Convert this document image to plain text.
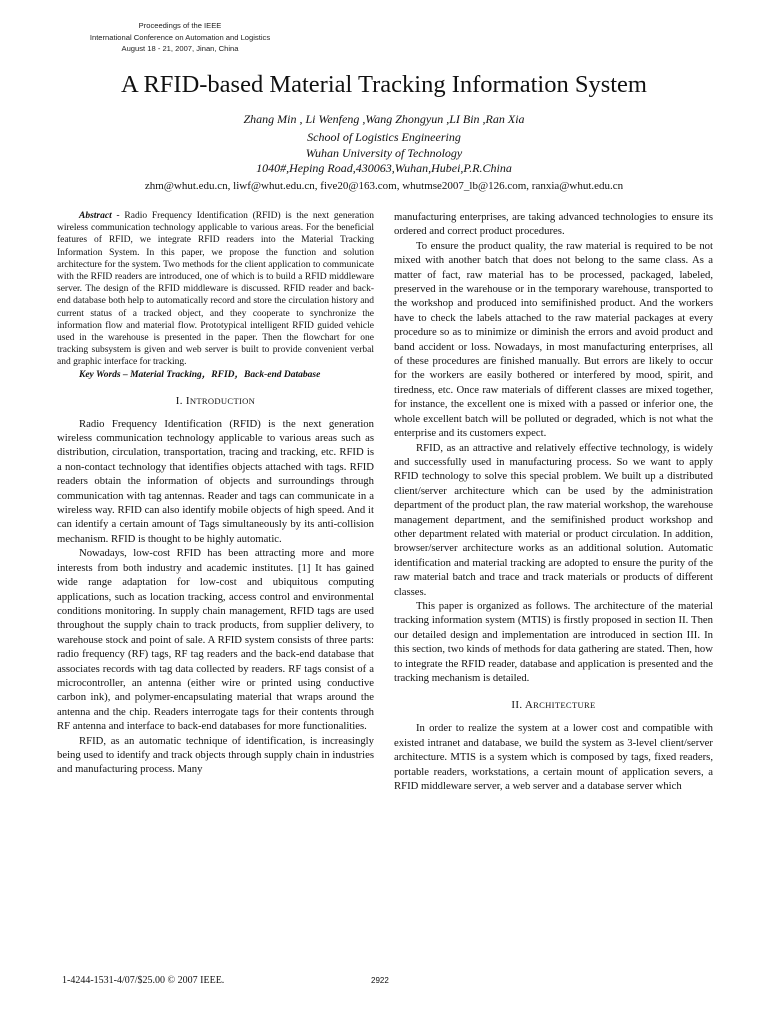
Proceedings of the IEEE
International Conference on Automation and Logistics
August 18 - 21, 2007, Jinan, China
A RFID-based Material Tracking Information System
Zhang Min , Li Wenfeng ,Wang Zhongyun ,LI Bin ,Ran Xia
School of Logistics Engineering
Wuhan University of Technology
1040#,Heping Road,430063,Wuhan,Hubei,P.R.China
zhm@whut.edu.cn, liwf@whut.edu.cn, five20@163.com, whutmse2007_lb@126.com, ranxia@whut.edu.cn

Abstract - Radio Frequency Identification (RFID) is the next generation wireless communication technology applicable to various areas. For the beneficial features of RFID, we integrate RFID readers into the Material Tracking Information System. In this paper, we propose the function and solution architecture for the system. Two methods for the client application to communicate with the RFID readers are introduced, one of which is to build a RFID middleware server. The design of the RFID middleware is discussed. RFID reader and back-end database both help to automatically record and store the circulation history and current status of a tracked object, and they cooperate to synchronize the information flow and material flow. Prototypical intelligent RFID guided vehicle used in the warehouse is presented in the paper. Then the flowchart for one tracking subsystem is given and web server is built to provide convenient verbal and graphic interface for tracking.

Key Words – Material Tracking，RFID，Back-end Database

I. INTRODUCTION

Radio Frequency Identification (RFID) is the next generation wireless communication technology applicable to various areas such as distribution, circulation, transportation, tracing and tracking, etc. RFID is a non-contact technology that identifies objects attached with tags. RFID readers obtain the information of objects and surroundings through communication with tag antennas. Reader and tags can communicate in a wireless way. RFID can also identify mobile objects of high speed. And it can identify a certain amount of Tags simultaneously by its anti-collision mechanism. RFID is thought to be highly automatic.

Nowadays, low-cost RFID has been attracting more and more interests from both industry and academic institutes. [1] It has gained wide range adaptation for low-cost and ubiquitous computing applications, such as location tracking, access control and environmental conditions monitoring. In supply chain management, RFID tags are used throughout the supply chain to track products, from supplier delivery, to warehouse stock and point of sale. A RFID system consists of three parts: radio frequency (RF) tags, RF tag readers and the back-end database that associates records with tag data collected by readers. RF tags consist of a microcontroller, an antenna (either wire or printed using conductive carbon ink), and polymer-encapsulating material that wraps around the antenna and the chip. Readers interrogate tags for their contents through RF antenna and interface to back-end databases for more functionalities.

RFID, as an automatic technique of identification, is increasingly being used to identify and track objects through supply chain in industries and manufacturing process. Many

manufacturing enterprises, are taking advanced technologies to ensure its ordered and correct product procedures.

To ensure the product quality, the raw material is required to be not mixed with another batch that does not belong to the same class. As a matter of fact, raw material has to be processed, packaged, labeled, preserved in the warehouse or in the temporary warehouse, transported to the workshop and produced into semifinished product. And the workers have to check the labels attached to the raw material packages at every procedure so as to minimize or diminish the errors and avoid product and band accident or loss. Nowadays, in most manufacturing enterprises, all of these procedures are finished manually. But errors are likely to occur for the workers are easily bothered or interfered by mood, spirit, and tiredness, etc. Once raw materials of different classes are mixed together, for instance, the excellent one is mixed with a passed or inferior one, the whole excellent batch will be polluted or degraded, which is not what the enterprise and its customers expect.

RFID, as an attractive and relatively effective technology, is widely and successfully used in manufacturing process. So we want to apply RFID technology to solve this special problem. We built up a distributed client/server architecture which can be used by the administration department of the product plan, the raw material workshop, the warehouse management department, and the semifinished product workshop and other department related with material or product circulation. In addition, browser/server architecture works as an additional solution. Automatic identification and material tracking are adopted to ensure the purity of the raw material batch and trace and track materials or products of different classes.

This paper is organized as follows. The architecture of the material tracking information system (MTIS) is firstly proposed in section II. Then our detailed design and implementation are introduced in section III. In this section, two kinds of methods for data gathering are stated. Then, how to integrate the RFID reader, database and application is presented and the tracking mechanism is detailed.

II. ARCHITECTURE

In order to realize the system at a lower cost and compatible with existed intranet and database, we build the system as 3-level client/server architecture. MTIS is a system which is composed by tags, fixed readers, portable readers, workstations, a certain mount of application severs, a RFID middleware server, a web server and a database server which

1-4244-1531-4/07/$25.00 © 2007 IEEE.	2922
